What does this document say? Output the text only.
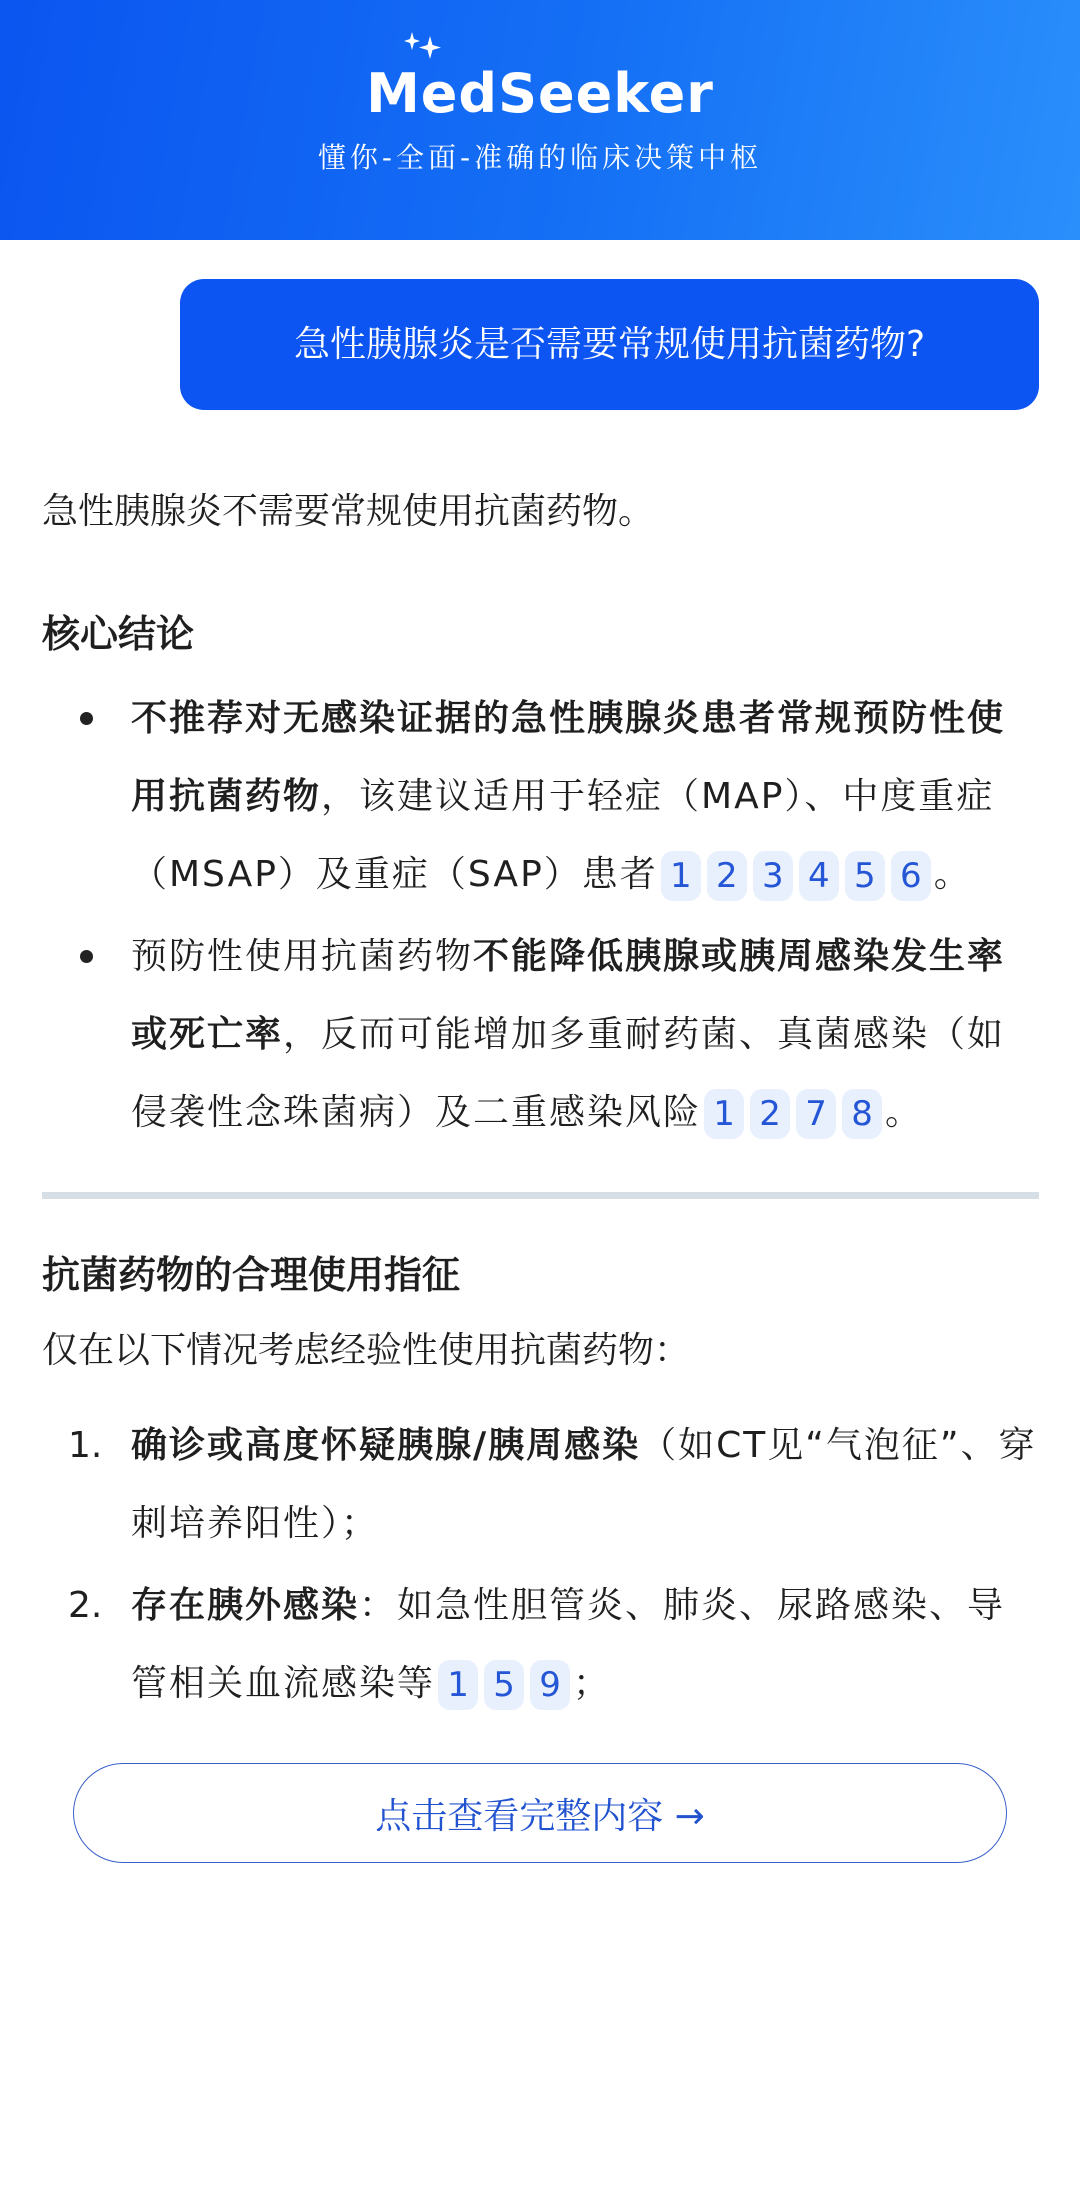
MedSeeker
懂你-全面-准确的临床决策中枢
急性胰腺炎是否需要常规使用抗菌药物?
急性胰腺炎不需要常规使用抗菌药物。
核心结论
不推荐对无感染证据的急性胰腺炎患者常规预防性使用抗菌药物，该建议适用于轻症（MAP）、中度重症（MSAP）及重症（SAP）患者 1 2 3 4 5 6 。
预防性使用抗菌药物不能降低胰腺或胰周感染发生率或死亡率，反而可能增加多重耐药菌、真菌感染（如侵袭性念珠菌病）及二重感染风险 1 2 7 8 。
抗菌药物的合理使用指征
仅在以下情况考虑经验性使用抗菌药物：
1. 确诊或高度怀疑胰腺/胰周感染（如CT见“气泡征”、穿刺培养阳性）；
2. 存在胰外感染：如急性胆管炎、肺炎、尿路感染、导管相关血流感染等 1 5 9 ；
点击查看完整内容 →
